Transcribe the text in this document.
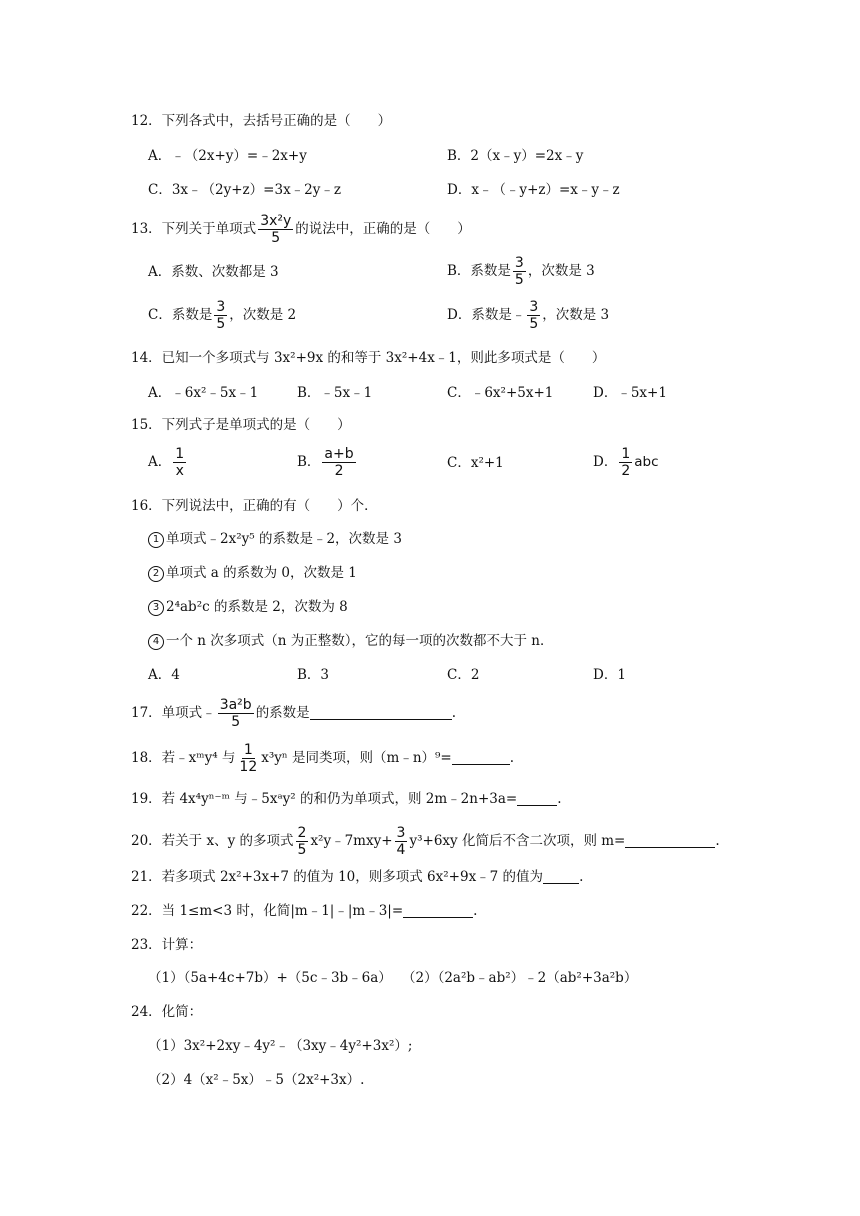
12．下列各式中，去括号正确的是（　　）
A．﹣（2x+y）=﹣2x+y	B．2（x﹣y）=2x﹣y
C．3x﹣（2y+z）=3x﹣2y﹣z	D．x﹣（﹣y+z）=x﹣y﹣z
13．下列关于单项式 $\frac{\text{3x²y}}{5}$ 的说法中，正确的是（　　）
A．系数、次数都是 3	B．系数是 $\frac{3}{5}$ ，次数是 3
C．系数是 $\frac{3}{5}$ ，次数是 2	D．系数是﹣ $\frac{3}{5}$ ，次数是 3
14．已知一个多项式与 3x²+9x 的和等于 3x²+4x﹣1，则此多项式是（　　）
A．﹣6x²﹣5x﹣1	B．﹣5x﹣1	C．﹣6x²+5x+1	D．﹣5x+1
15．下列式子是单项式的是（　　）
A． $\frac{1}{x}$	B． $\frac{a+b}{2}$	C．x²+1	D． $\frac{1}{2}$ abc
16．下列说法中，正确的有（　　）个．
1 单项式﹣2x²y⁵ 的系数是﹣2，次数是 3
2 单项式 a 的系数为 0，次数是 1
3 2⁴ab²c 的系数是 2，次数为 8
4 一个 n 次多项式（n 为正整数），它的每一项的次数都不大于 n．
A．4	B．3	C．2	D．1
17．单项式﹣ $\frac{\text{3a²b}}{5}$ 的系数是	.
18．若﹣xᵐy⁴ 与 $\frac{1}{12} x^3y^n$ 是同类项，则（m﹣n）⁹=	.
19．若 4x⁴yⁿ⁻ᵐ 与﹣5xᵃy² 的和仍为单项式，则 2m﹣2n+3a=	.
20．若关于 x、y 的多项式 $\frac{2}{5}$ x²y﹣7mxy+ $\frac{3}{4} y^3+6xy$ 化简后不含二次项，则 m=	.
21．若多项式 2x²+3x+7 的值为 10，则多项式 6x²+9x﹣7 的值为	.
22．当 1≤m<3 时，化简|m﹣1|﹣|m﹣3|=	.
23．计算：
（1）（5a+4c+7b）+（5c﹣3b﹣6a） （2）（2a²b﹣ab²）﹣2（ab²+3a²b）
24．化简：
（1）3x²+2xy﹣4y²﹣（3xy﹣4y²+3x²）;
（2）4（x²﹣5x）﹣5（2x²+3x）.
